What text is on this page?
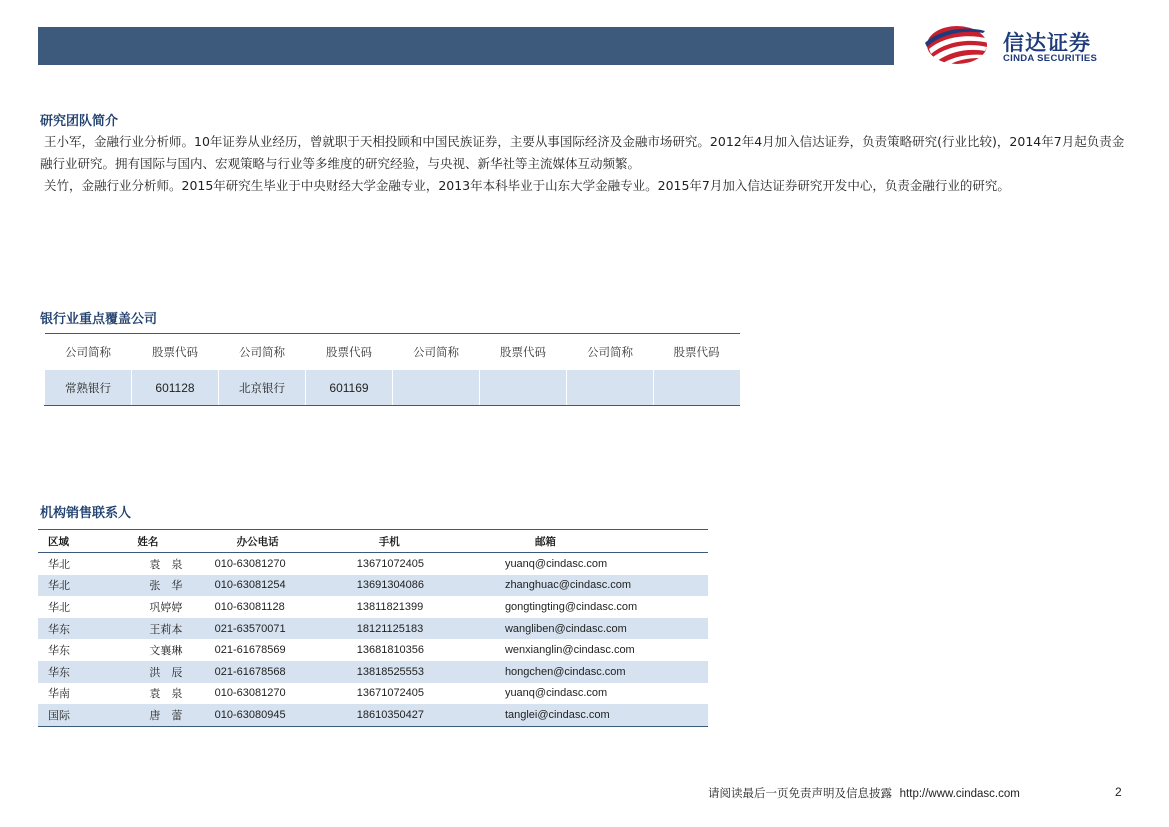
信达证券
CINDA SECURITIES
研究团队简介
王小军，金融行业分析师。10年证券从业经历，曾就职于天相投顾和中国民族证券，主要从事国际经济及金融市场研究。2012年4月加入信达证券，负责策略研究(行业比较)，2014年7月起负责金融行业研究。拥有国际与国内、宏观策略与行业等多维度的研究经验，与央视、新华社等主流媒体互动频繁。
关竹，金融行业分析师。2015年研究生毕业于中央财经大学金融专业，2013年本科毕业于山东大学金融专业。2015年7月加入信达证券研究开发中心，负责金融行业的研究。
银行业重点覆盖公司
公司简称	股票代码	公司简称	股票代码	公司简称	股票代码	公司简称	股票代码
常熟银行	601128	北京银行	601169				
机构销售联系人
区域	姓名	办公电话	手机	邮箱
华北	袁　泉	010-63081270	13671072405	yuanq@cindasc.com
华北	张　华	010-63081254	13691304086	zhanghuac@cindasc.com
华北	巩婷婷	010-63081128	13811821399	gongtingting@cindasc.com
华东	王莉本	021-63570071	18121125183	wangliben@cindasc.com
华东	文襄琳	021-61678569	13681810356	wenxianglin@cindasc.com
华东	洪　辰	021-61678568	13818525553	hongchen@cindasc.com
华南	袁　泉	010-63081270	13671072405	yuanq@cindasc.com
国际	唐　蕾	010-63080945	18610350427	tanglei@cindasc.com
请阅读最后一页免责声明及信息披露 http://www.cindasc.com	2
